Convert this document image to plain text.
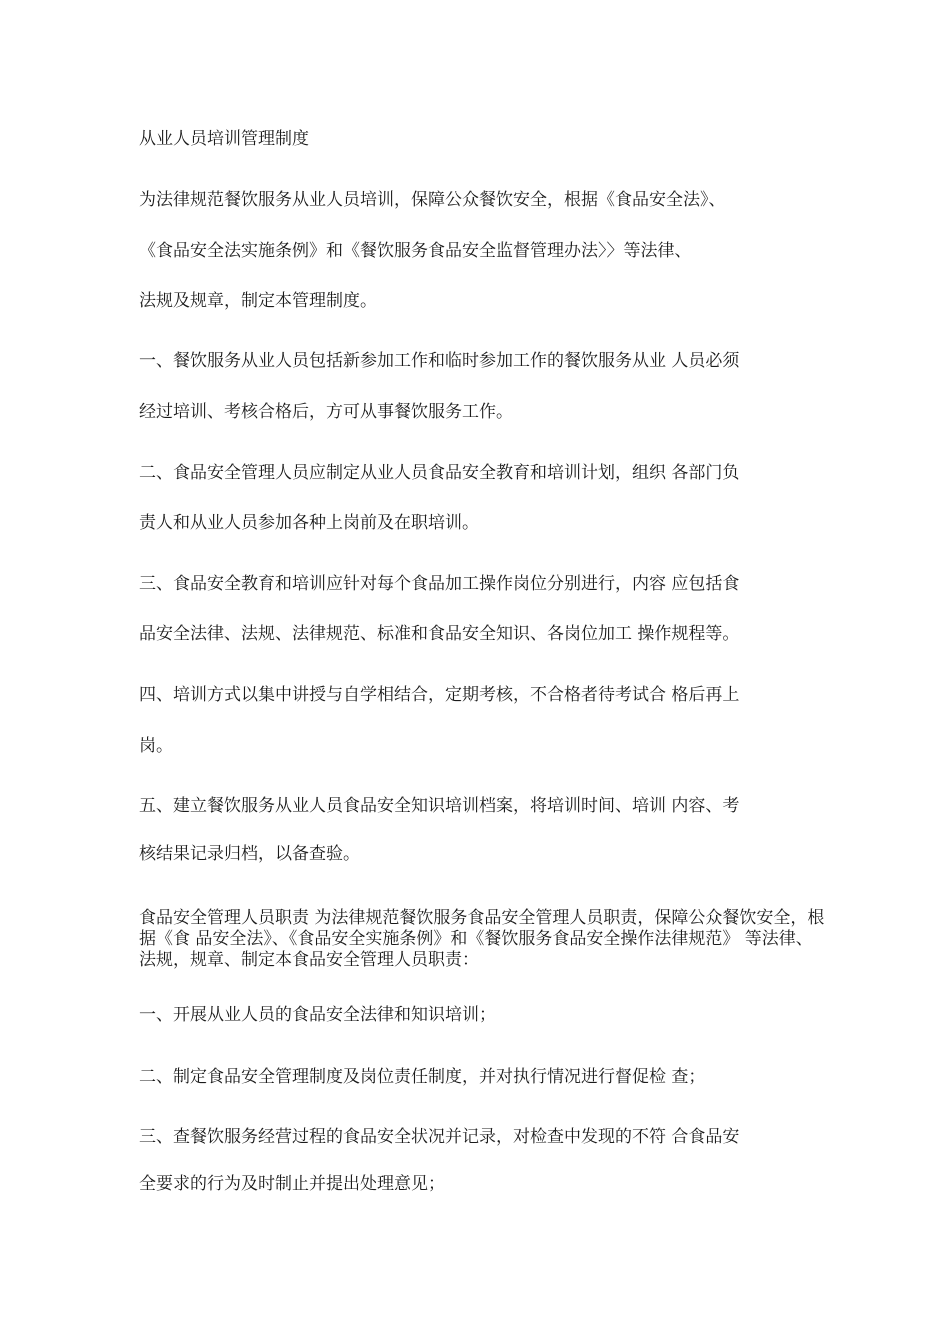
从业人员培训管理制度

为法律规范餐饮服务从业人员培训，保障公众餐饮安全，根据《食品安全法》、

《食品安全法实施条例》和《餐饮服务食品安全监督管理办法〉〉等法律、

法规及规章，制定本管理制度。

一、餐饮服务从业人员包括新参加工作和临时参加工作的餐饮服务从业 人员必须

经过培训、考核合格后，方可从事餐饮服务工作。

二、食品安全管理人员应制定从业人员食品安全教育和培训计划，组织 各部门负

责人和从业人员参加各种上岗前及在职培训。

三、食品安全教育和培训应针对每个食品加工操作岗位分别进行，内容 应包括食

品安全法律、法规、法律规范、标准和食品安全知识、各岗位加工 操作规程等。

四、培训方式以集中讲授与自学相结合，定期考核，不合格者待考试合 格后再上

岗。

五、建立餐饮服务从业人员食品安全知识培训档案，将培训时间、培训 内容、考

核结果记录归档，以备查验。

食品安全管理人员职责 为法律规范餐饮服务食品安全管理人员职责，保障公众餐饮安全，根据《食 品安全法》、《食品安全实施条例》和《餐饮服务食品安全操作法律规范》 等法律、法规，规章、制定本食品安全管理人员职责：

一、开展从业人员的食品安全法律和知识培训；

二、制定食品安全管理制度及岗位责任制度，并对执行情况进行督促检 查；

三、查餐饮服务经营过程的食品安全状况并记录，对检查中发现的不符 合食品安

全要求的行为及时制止并提出处理意见；
